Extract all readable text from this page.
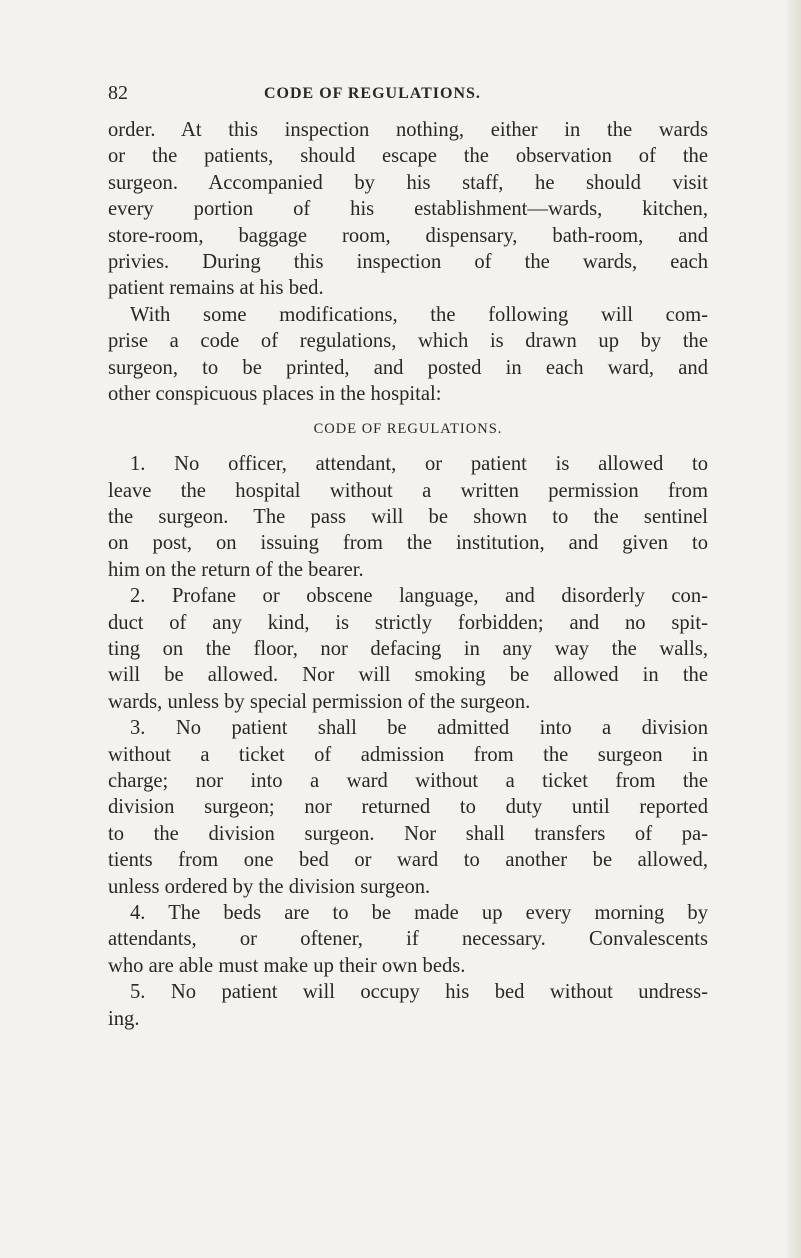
82	CODE OF REGULATIONS.
order. At this inspection nothing, either in the wards
or the patients, should escape the observation of the
surgeon. Accompanied by his staff, he should visit
every portion of his establishment—wards, kitchen,
store-room, baggage room, dispensary, bath-room, and
privies. During this inspection of the wards, each
patient remains at his bed.
With some modifications, the following will com-
prise a code of regulations, which is drawn up by the
surgeon, to be printed, and posted in each ward, and
other conspicuous places in the hospital:
CODE OF REGULATIONS.
1. No officer, attendant, or patient is allowed to
leave the hospital without a written permission from
the surgeon. The pass will be shown to the sentinel
on post, on issuing from the institution, and given to
him on the return of the bearer.
2. Profane or obscene language, and disorderly con-
duct of any kind, is strictly forbidden; and no spit-
ting on the floor, nor defacing in any way the walls,
will be allowed. Nor will smoking be allowed in the
wards, unless by special permission of the surgeon.
3. No patient shall be admitted into a division
without a ticket of admission from the surgeon in
charge; nor into a ward without a ticket from the
division surgeon; nor returned to duty until reported
to the division surgeon. Nor shall transfers of pa-
tients from one bed or ward to another be allowed,
unless ordered by the division surgeon.
4. The beds are to be made up every morning by
attendants, or oftener, if necessary. Convalescents
who are able must make up their own beds.
5. No patient will occupy his bed without undress-
ing.
